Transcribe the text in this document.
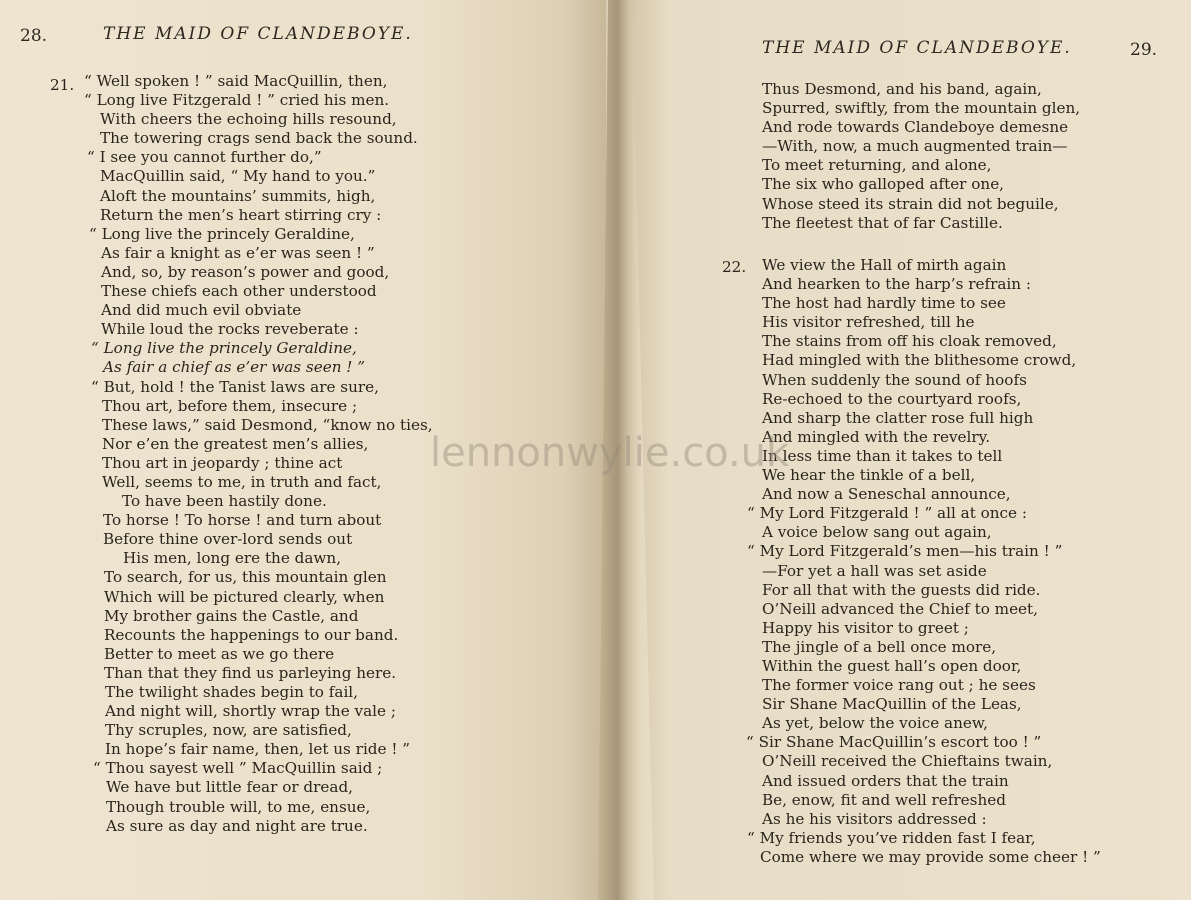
28.	THE MAID OF CLANDEBOYE.
21. “ Well spoken ! ” said MacQuillin, then,
“ Long live Fitzgerald ! ” cried his men.
With cheers the echoing hills resound,
The towering crags send back the sound.
“ I see you cannot further do,”
MacQuillin said, “ My hand to you.”
Aloft the mountains’ summits, high,
Return the men’s heart stirring cry :
“ Long live the princely Geraldine,
As fair a knight as e’er was seen ! ”
And, so, by reason’s power and good,
These chiefs each other understood
And did much evil obviate
While loud the rocks reveberate :
“ Long live the princely Geraldine,
As fair a chief as e’er was seen ! ”
“ But, hold ! the Tanist laws are sure,
Thou art, before them, insecure ;
These laws,” said Desmond, “know no ties,
Nor e’en the greatest men’s allies,
Thou art in jeopardy ; thine act
Well, seems to me, in truth and fact,
To have been hastily done.
To horse ! To horse ! and turn about
Before thine over-lord sends out
His men, long ere the dawn,
To search, for us, this mountain glen
Which will be pictured clearly, when
My brother gains the Castle, and
Recounts the happenings to our band.
Better to meet as we go there
Than that they find us parleying here.
The twilight shades begin to fail,
And night will, shortly wrap the vale ;
Thy scruples, now, are satisfied,
In hope’s fair name, then, let us ride ! ”
“ Thou sayest well ” MacQuillin said ;
We have but little fear or dread,
Though trouble will, to me, ensue,
As sure as day and night are true.
THE MAID OF CLANDEBOYE.	29.
Thus Desmond, and his band, again,
Spurred, swiftly, from the mountain glen,
And rode towards Clandeboye demesne
—With, now, a much augmented train—
To meet returning, and alone,
The six who galloped after one,
Whose steed its strain did not beguile,
The fleetest that of far Castille.
22. We view the Hall of mirth again
And hearken to the harp’s refrain :
The host had hardly time to see
His visitor refreshed, till he
The stains from off his cloak removed,
Had mingled with the blithesome crowd,
When suddenly the sound of hoofs
Re-echoed to the courtyard roofs,
And sharp the clatter rose full high
And mingled with the revelry.
In less time than it takes to tell
We hear the tinkle of a bell,
And now a Seneschal announce,
“ My Lord Fitzgerald ! ” all at once :
A voice below sang out again,
“ My Lord Fitzgerald’s men—his train ! ”
—For yet a hall was set aside
For all that with the guests did ride.
O’Neill advanced the Chief to meet,
Happy his visitor to greet ;
The jingle of a bell once more,
Within the guest hall’s open door,
The former voice rang out ; he sees
Sir Shane MacQuillin of the Leas,
As yet, below the voice anew,
“ Sir Shane MacQuillin’s escort too ! ”
O’Neill received the Chieftains twain,
And issued orders that the train
Be, enow, fit and well refreshed
As he his visitors addressed :
“ My friends you’ve ridden fast I fear,
Come where we may provide some cheer ! ”
lennonwylie.co.uk
